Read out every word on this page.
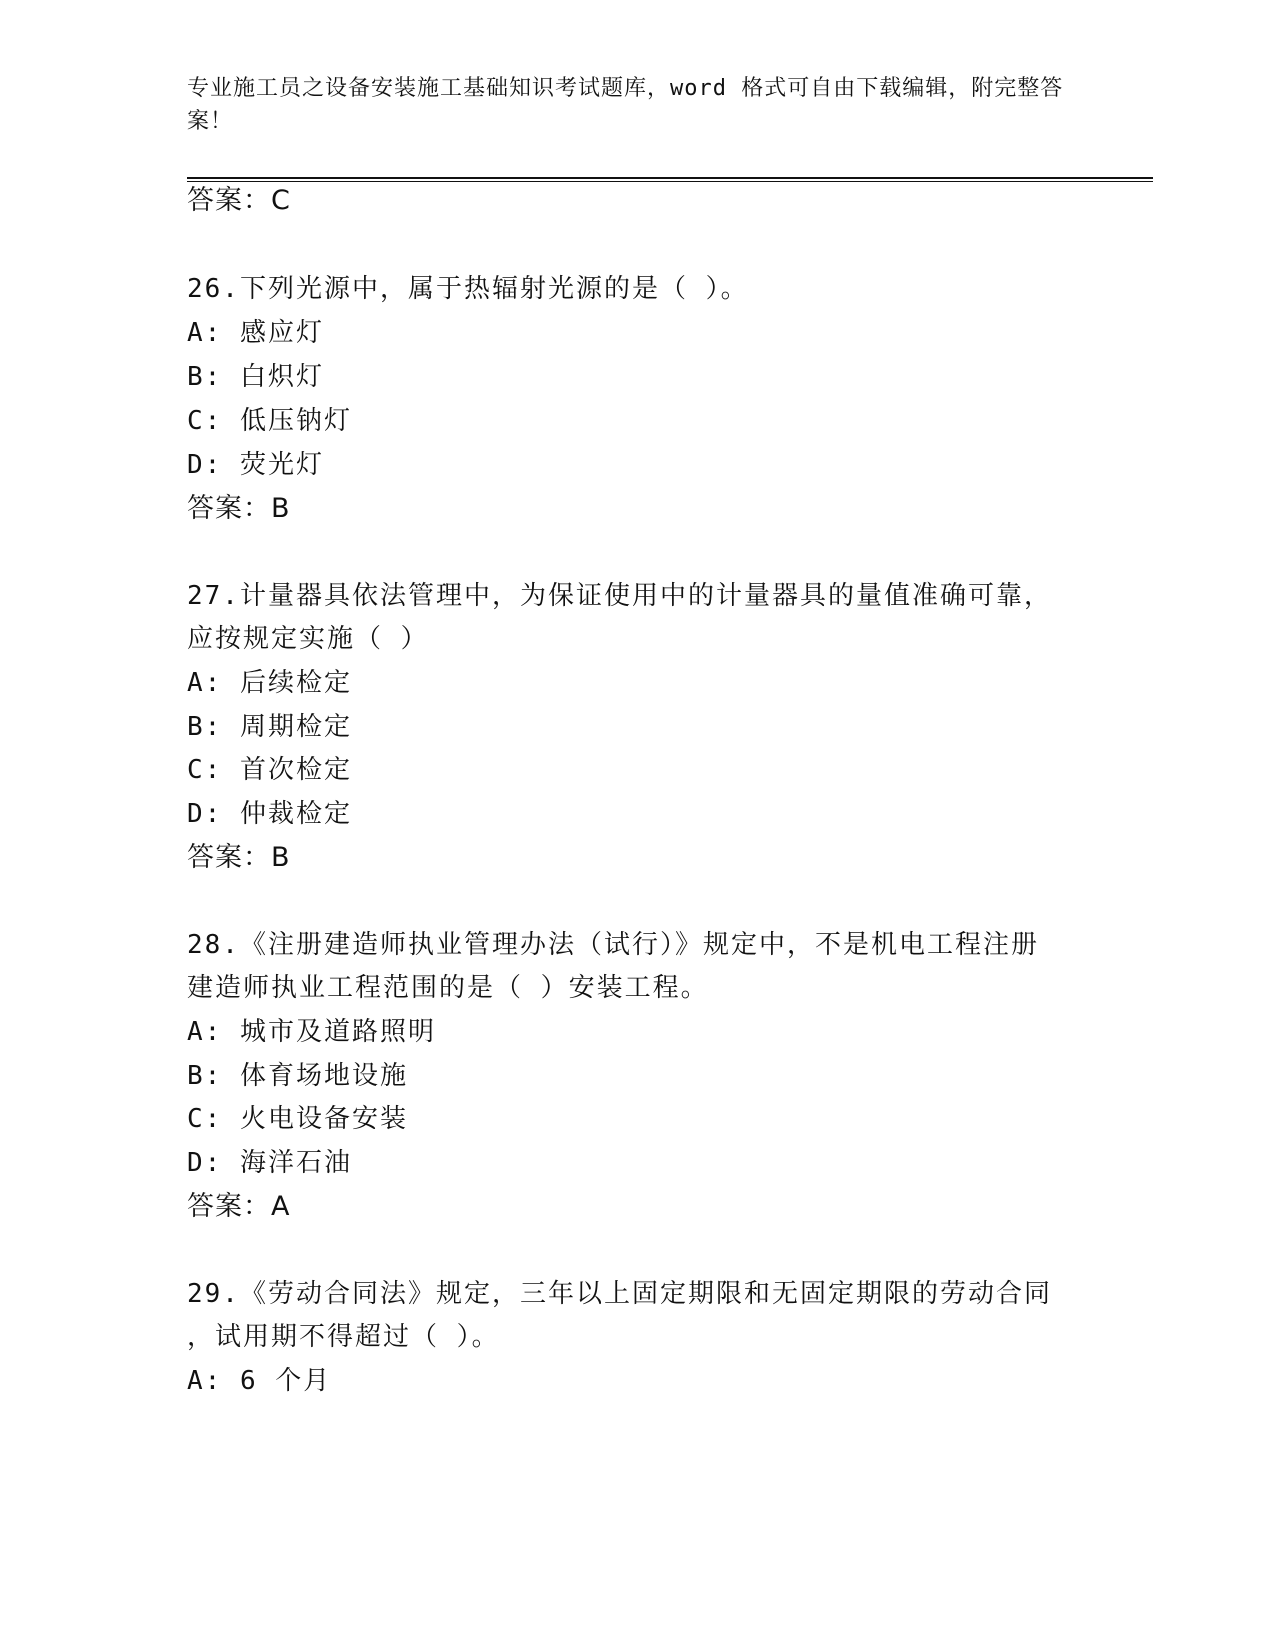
专业施工员之设备安装施工基础知识考试题库，word 格式可自由下载编辑，附完整答案！

答案：C

26.下列光源中，属于热辐射光源的是（ ）。

A: 感应灯

B: 白炽灯

C: 低压钠灯

D: 荧光灯

答案：B

27.计量器具依法管理中，为保证使用中的计量器具的量值准确可靠，

应按规定实施（ ）

A: 后续检定

B: 周期检定

C: 首次检定

D: 仲裁检定

答案：B

28.《注册建造师执业管理办法（试行）》规定中，不是机电工程注册

建造师执业工程范围的是（ ）安装工程。

A: 城市及道路照明

B: 体育场地设施

C: 火电设备安装

D: 海洋石油

答案：A

29.《劳动合同法》规定，三年以上固定期限和无固定期限的劳动合同

，试用期不得超过（ ）。

A: 6 个月
